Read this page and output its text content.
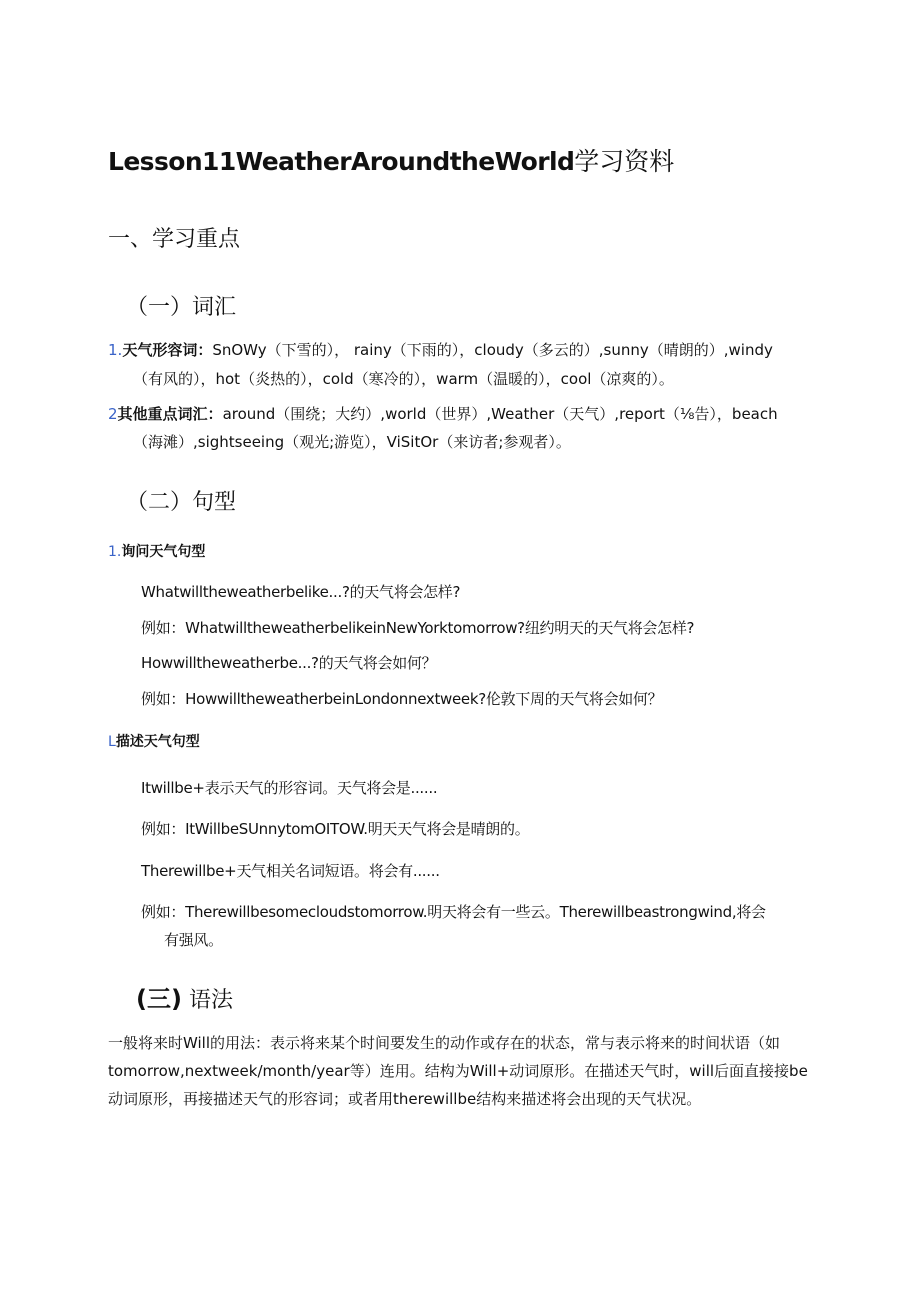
Lesson11WeatherAroundtheWorld学习资料
一、学习重点
（一）词汇
1.天气形容词：SnOWy（下雪的）， rainy（下雨的），cloudy（多云的）,sunny（晴朗的）,windy
（有风的），hot（炎热的），cold（寒冷的），warm（温暖的），cool（凉爽的）。
2其他重点词汇：around（围绕；大约）,world（世界）,Weather（天气）,report（⅛告），beach
（海滩）,sightseeing（观光;游览），ViSitOr（来访者;参观者）。
（二）句型
1.询问天气句型
Whatwilltheweatherbelike...?的天气将会怎样?
例如：WhatwilltheweatherbelikeinNewYorktomorrow?纽约明天的天气将会怎样?
Howwilltheweatherbe...?的天气将会如何？
例如：HowwilltheweatherbeinLondonnextweek?伦敦下周的天气将会如何？
L描述天气句型
Itwillbe+表示天气的形容词。天气将会是......
例如：ItWillbeSUnnytomOITOW.明天天气将会是晴朗的。
Therewillbe+天气相关名词短语。将会有......
例如：Therewillbesomecloudstomorrow.明天将会有一些云。Therewillbeastrongwind,将会
有强风。
(三) 语法
一般将来时Will的用法：表示将来某个时间要发生的动作或存在的状态，常与表示将来的时间状语（如tomorrow,nextweek/month/year等）连用。结构为Will+动词原形。在描述天气时，will后面直接接be动词原形，再接描述天气的形容词；或者用therewillbe结构来描述将会出现的天气状况。
